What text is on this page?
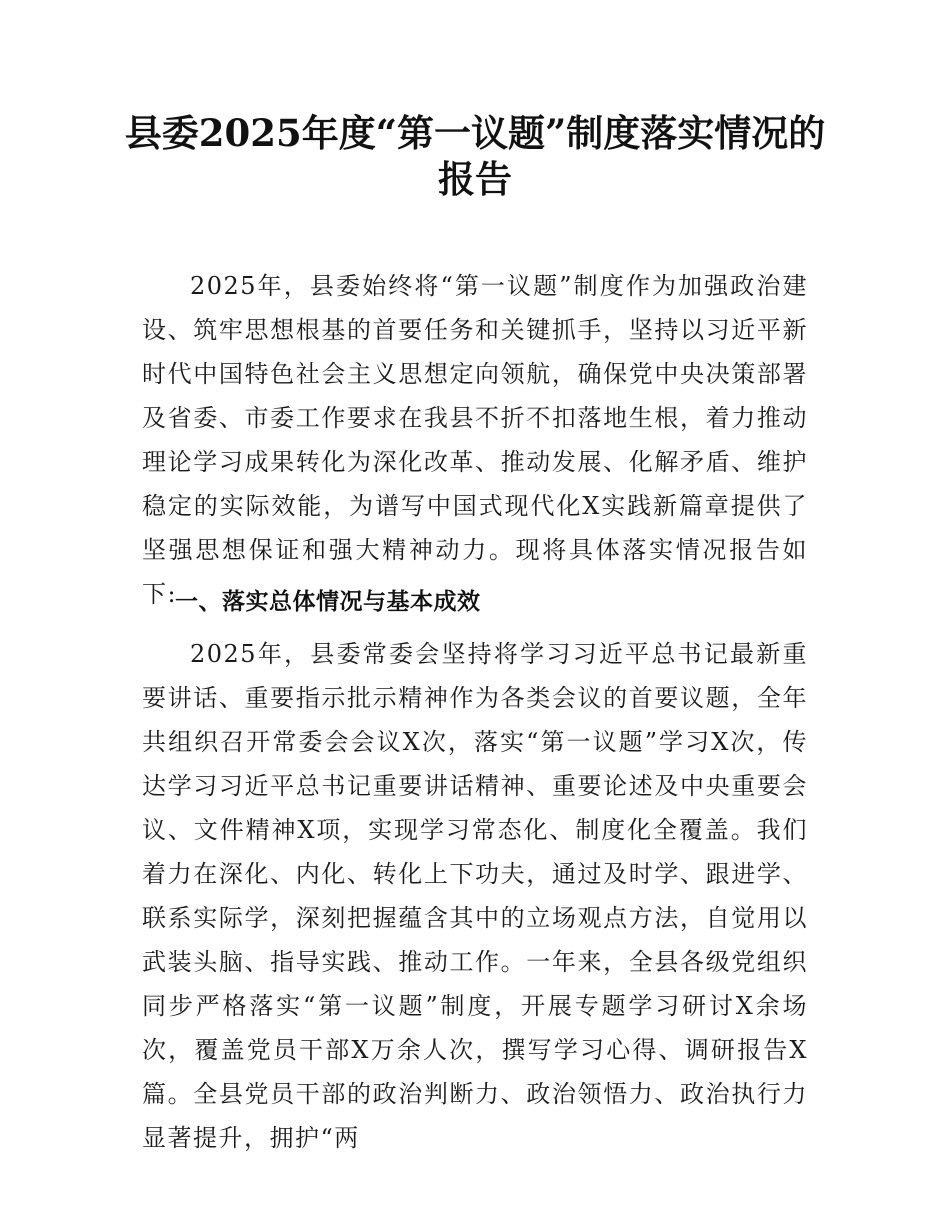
县委2025年度“第一议题”制度落实情况的
报告

2025年，县委始终将“第一议题”制度作为加强政治建设、筑牢思想根基的首要任务和关键抓手，坚持以习近平新时代中国特色社会主义思想定向领航，确保党中央决策部署及省委、市委工作要求在我县不折不扣落地生根，着力推动理论学习成果转化为深化改革、推动发展、化解矛盾、维护稳定的实际效能，为谱写中国式现代化X实践新篇章提供了坚强思想保证和强大精神动力。现将具体落实情况报告如下:

一、落实总体情况与基本成效

2025年，县委常委会坚持将学习习近平总书记最新重要讲话、重要指示批示精神作为各类会议的首要议题，全年共组织召开常委会会议X次，落实“第一议题”学习X次，传达学习习近平总书记重要讲话精神、重要论述及中央重要会议、文件精神X项，实现学习常态化、制度化全覆盖。我们着力在深化、内化、转化上下功夫，通过及时学、跟进学、联系实际学，深刻把握蕴含其中的立场观点方法，自觉用以武装头脑、指导实践、推动工作。一年来，全县各级党组织同步严格落实“第一议题”制度，开展专题学习研讨X余场次，覆盖党员干部X万余人次，撰写学习心得、调研报告X篇。全县党员干部的政治判断力、政治领悟力、政治执行力显著提升，拥护“两
